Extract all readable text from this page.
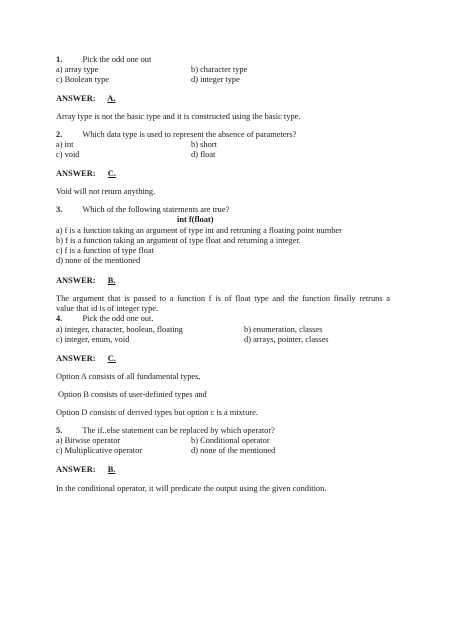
1. Pick the odd one out
a) array type	b) character type
c) Boolean type	d) integer type
ANSWER: A.
Array type is not the basic type and it is constructed using the basic type.
2. Which data type is used to represent the absence of parameters?
a) int	b) short
c) void	d) float
ANSWER: C.
Void will not return anything.
3. Which of the following statements are true?
int f(float)
a) f is a function taking an argument of type int and retruning a floating point number
b) f is a function taking an argument of type float and returning a integer.
c) f is a function of type float
d) none of the mentioned
ANSWER: B.
The argument that is passed to a function f is of float type and the function finally retruns a
value that id is of integer type.
4. Pick the odd one out.
a) integer, character, boolean, floating	b) enumeration, classes
c) integer, enum, void	d) arrays, pointer, classes
ANSWER: C.
Option A consists of all fundamental types,
Option B consists of user-definied types and
Option D consists of derived types but option c is a mixture.
5. The if..else statement can be replaced by which operator?
a) Bitwise operator	b) Conditional operator
c) Multiplicative operator	d) none of the mentioned
ANSWER: B.
In the conditional operator, it will predicate the output using the given condition.
